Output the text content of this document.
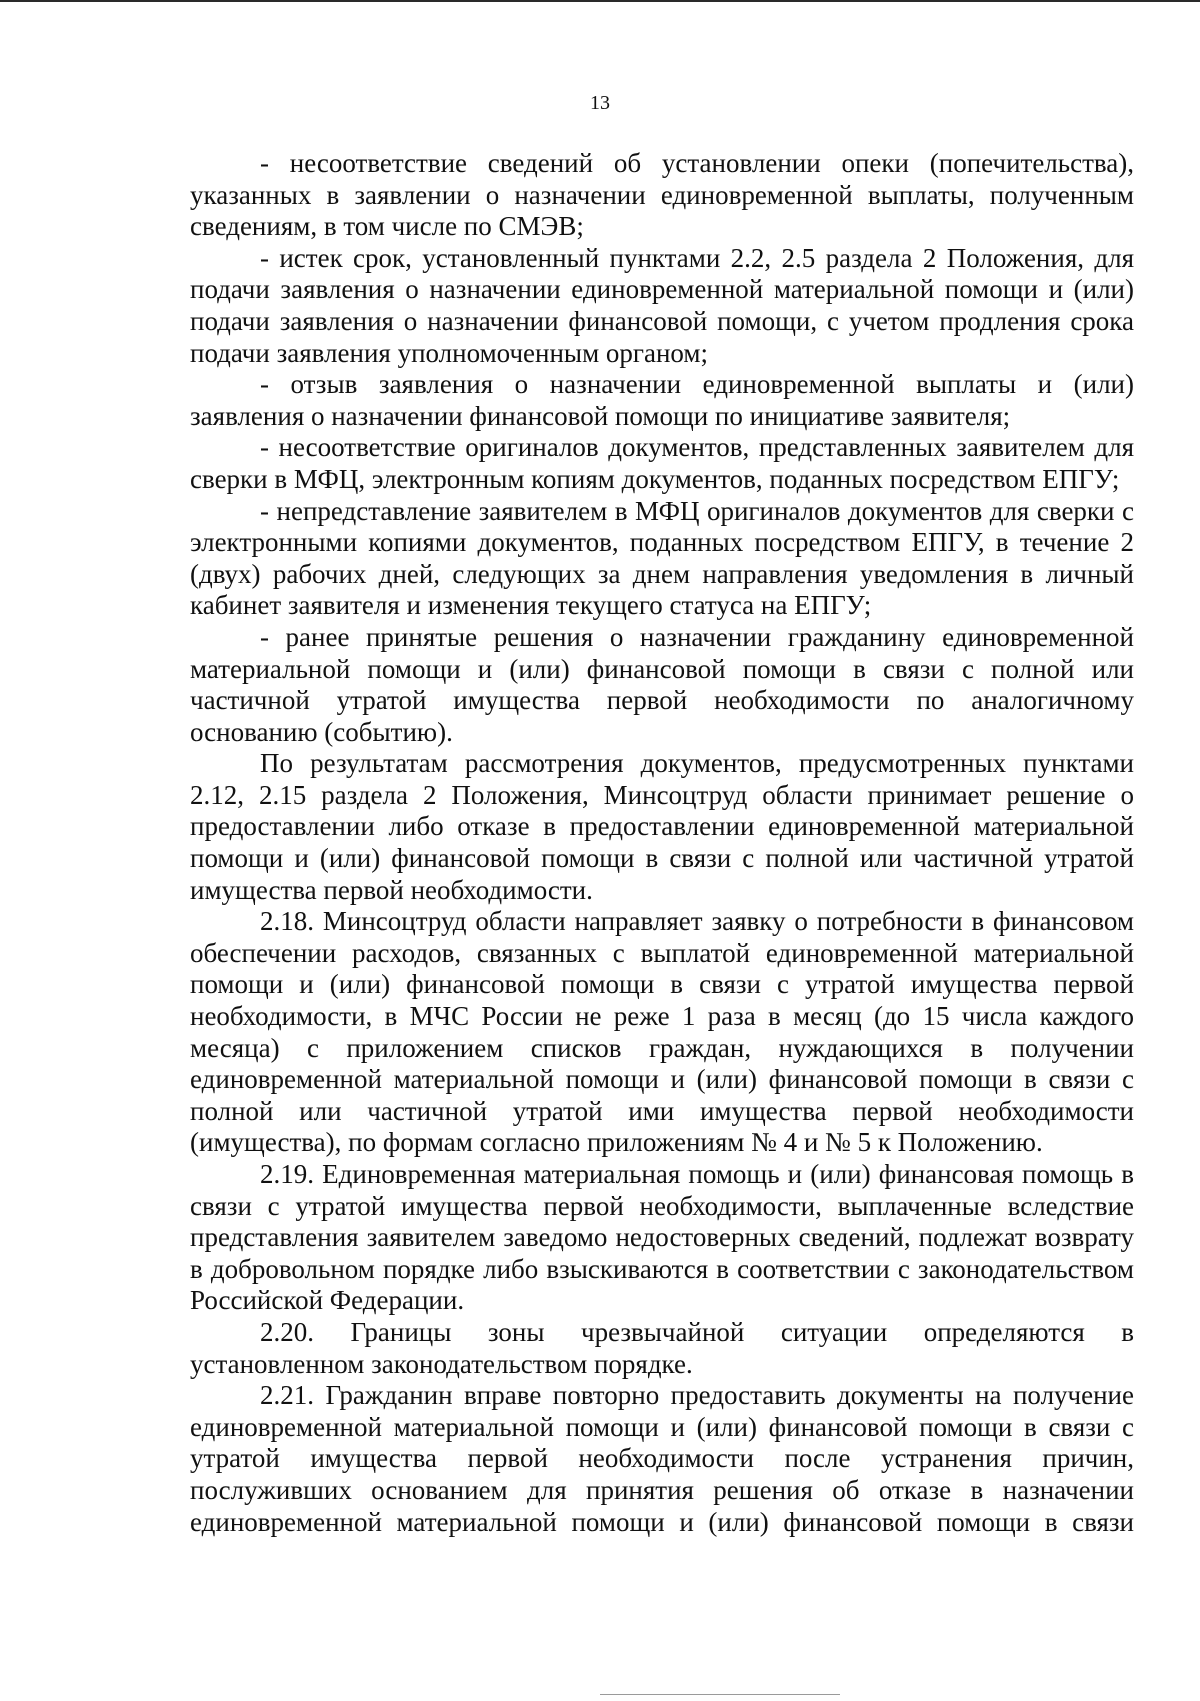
13

- несоответствие сведений об установлении опеки (попечительства), указанных в заявлении о назначении единовременной выплаты, полученным сведениям, в том числе по СМЭВ;

- истек срок, установленный пунктами 2.2, 2.5 раздела 2 Положения, для подачи заявления о назначении единовременной материальной помощи и (или) подачи заявления о назначении финансовой помощи, с учетом продления срока подачи заявления уполномоченным органом;

- отзыв заявления о назначении единовременной выплаты и (или) заявления о назначении финансовой помощи по инициативе заявителя;

- несоответствие оригиналов документов, представленных заявителем для сверки в МФЦ, электронным копиям документов, поданных посредством ЕПГУ;

- непредставление заявителем в МФЦ оригиналов документов для сверки с электронными копиями документов, поданных посредством ЕПГУ, в течение 2 (двух) рабочих дней, следующих за днем направления уведомления в личный кабинет заявителя и изменения текущего статуса на ЕПГУ;

- ранее принятые решения о назначении гражданину единовременной материальной помощи и (или) финансовой помощи в связи с полной или частичной утратой имущества первой необходимости по аналогичному основанию (событию).

По результатам рассмотрения документов, предусмотренных пунктами 2.12, 2.15 раздела 2 Положения, Минсоцтруд области принимает решение о предоставлении либо отказе в предоставлении единовременной материальной помощи и (или) финансовой помощи в связи с полной или частичной утратой имущества первой необходимости.

2.18. Минсоцтруд области направляет заявку о потребности в финансовом обеспечении расходов, связанных с выплатой единовременной материальной помощи и (или) финансовой помощи в связи с утратой имущества первой необходимости, в МЧС России не реже 1 раза в месяц (до 15 числа каждого месяца) с приложением списков граждан, нуждающихся в получении единовременной материальной помощи и (или) финансовой помощи в связи с полной или частичной утратой ими имущества первой необходимости (имущества), по формам согласно приложениям № 4 и № 5 к Положению.

2.19. Единовременная материальная помощь и (или) финансовая помощь в связи с утратой имущества первой необходимости, выплаченные вследствие представления заявителем заведомо недостоверных сведений, подлежат возврату в добровольном порядке либо взыскиваются в соответствии с законодательством Российской Федерации.

2.20. Границы зоны чрезвычайной ситуации определяются в установленном законодательством порядке.

2.21. Гражданин вправе повторно предоставить документы на получение единовременной материальной помощи и (или) финансовой помощи в связи с утратой имущества первой необходимости после устранения причин, послуживших основанием для принятия решения об отказе в назначении единовременной материальной помощи и (или) финансовой помощи в связи
